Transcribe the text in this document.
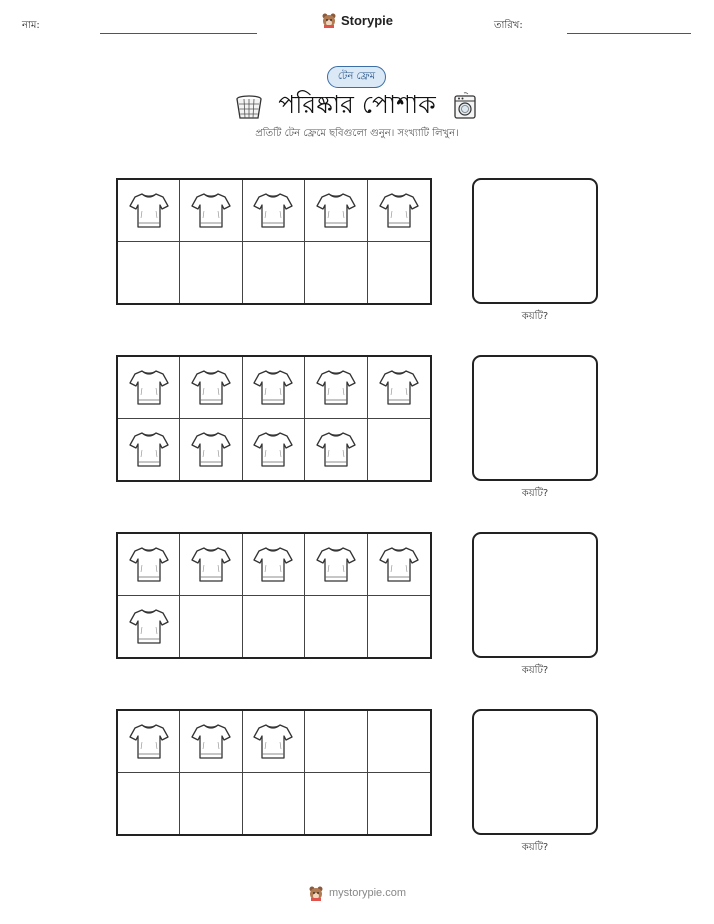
নাম:	Storypie	তারিখ:
টেন ফ্রেম
পরিষ্কার পোশাক
প্রতিটি টেন ফ্রেমে ছবিগুলো গুনুন। সংখ্যাটি লিখুন।
কয়টি?
কয়টি?
কয়টি?
কয়টি?
mystorypie.com
